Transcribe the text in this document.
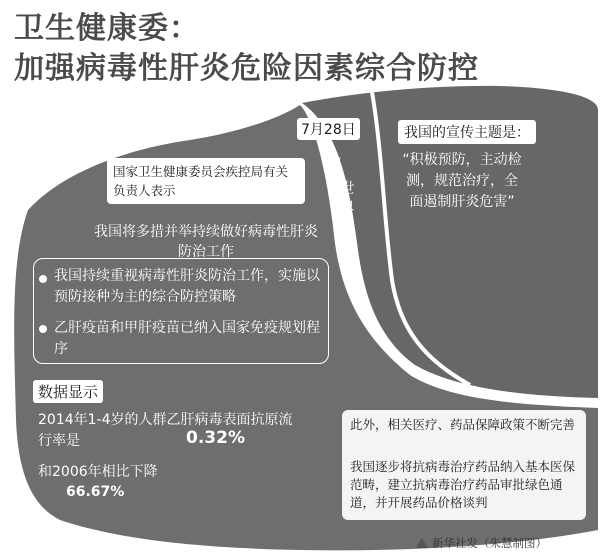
卫生健康委：
加强病毒性肝炎危险因素综合防控
7月28日
是
“
世界肝炎日”
我国的宣传主题是：
“积极预防，主动检测，规范治疗，全面遏制肝炎危害”
国家卫生健康委员会疾控局有关负责人表示
我国将多措并举持续做好病毒性肝炎防治工作
我国持续重视病毒性肝炎防治工作，实施以预防接种为主的综合防控策略
乙肝疫苗和甲肝疫苗已纳入国家免疫规划程序
数据显示
2014年1-4岁的人群乙肝病毒表面抗原流行率是	0.32%
和2006年相比下降
66.67%
此外，相关医疗、药品保障政策不断完善
我国逐步将抗病毒治疗药品纳入基本医保范畴，建立抗病毒治疗药品审批绿色通道，并开展药品价格谈判
新华社发（朱慧制图）
